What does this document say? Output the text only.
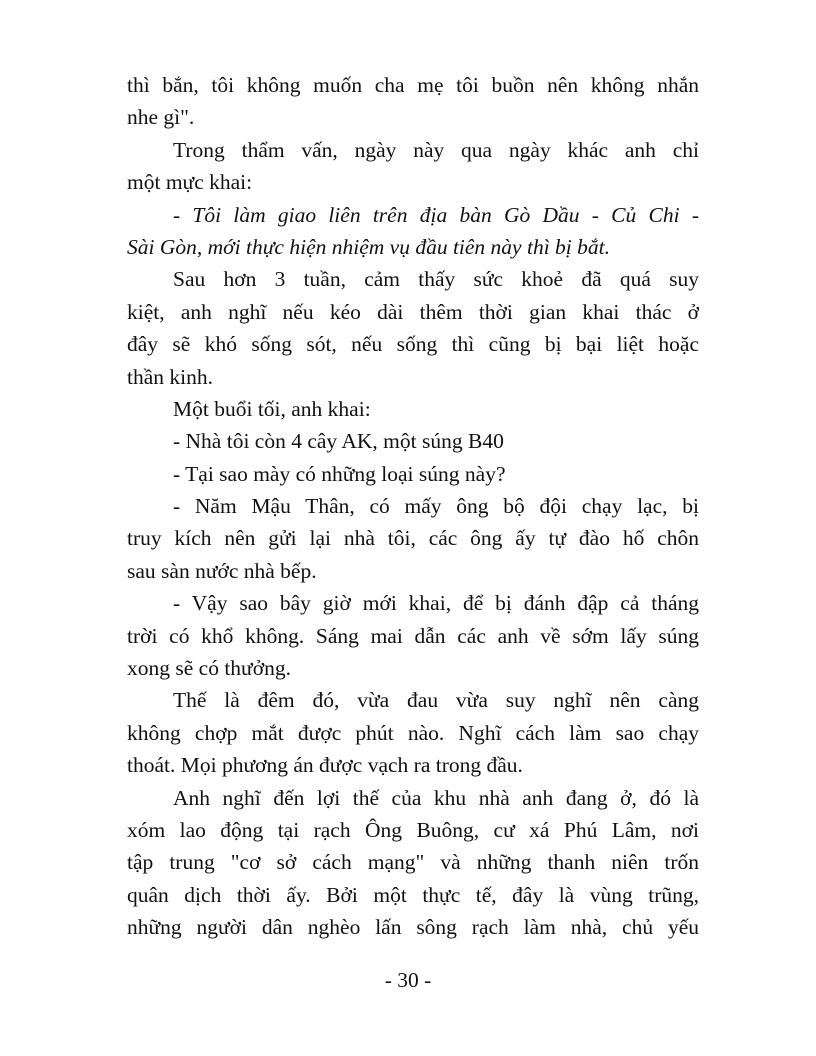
thì bắn, tôi không muốn cha mẹ tôi buồn nên không nhắn
nhe gì".
Trong thẩm vấn, ngày này qua ngày khác anh chỉ
một mực khai:
- Tôi làm giao liên trên địa bàn Gò Dầu - Củ Chi -
Sài Gòn, mới thực hiện nhiệm vụ đầu tiên này thì bị bắt.
Sau hơn 3 tuần, cảm thấy sức khoẻ đã quá suy
kiệt, anh nghĩ nếu kéo dài thêm thời gian khai thác ở
đây sẽ khó sống sót, nếu sống thì cũng bị bại liệt hoặc
thần kinh.
Một buổi tối, anh khai:
- Nhà tôi còn 4 cây AK, một súng B40
- Tại sao mày có những loại súng này?
- Năm Mậu Thân, có mấy ông bộ đội chạy lạc, bị
truy kích nên gửi lại nhà tôi, các ông ấy tự đào hố chôn
sau sàn nước nhà bếp.
- Vậy sao bây giờ mới khai, để bị đánh đập cả tháng
trời có khổ không. Sáng mai dẫn các anh về sớm lấy súng
xong sẽ có thưởng.
Thế là đêm đó, vừa đau vừa suy nghĩ nên càng
không chợp mắt được phút nào. Nghĩ cách làm sao chạy
thoát. Mọi phương án được vạch ra trong đầu.
Anh nghĩ đến lợi thế của khu nhà anh đang ở, đó là
xóm lao động tại rạch Ông Buông, cư xá Phú Lâm, nơi
tập trung "cơ sở cách mạng" và những thanh niên trốn
quân dịch thời ấy. Bởi một thực tế, đây là vùng trũng,
những người dân nghèo lấn sông rạch làm nhà, chủ yếu
- 30 -
